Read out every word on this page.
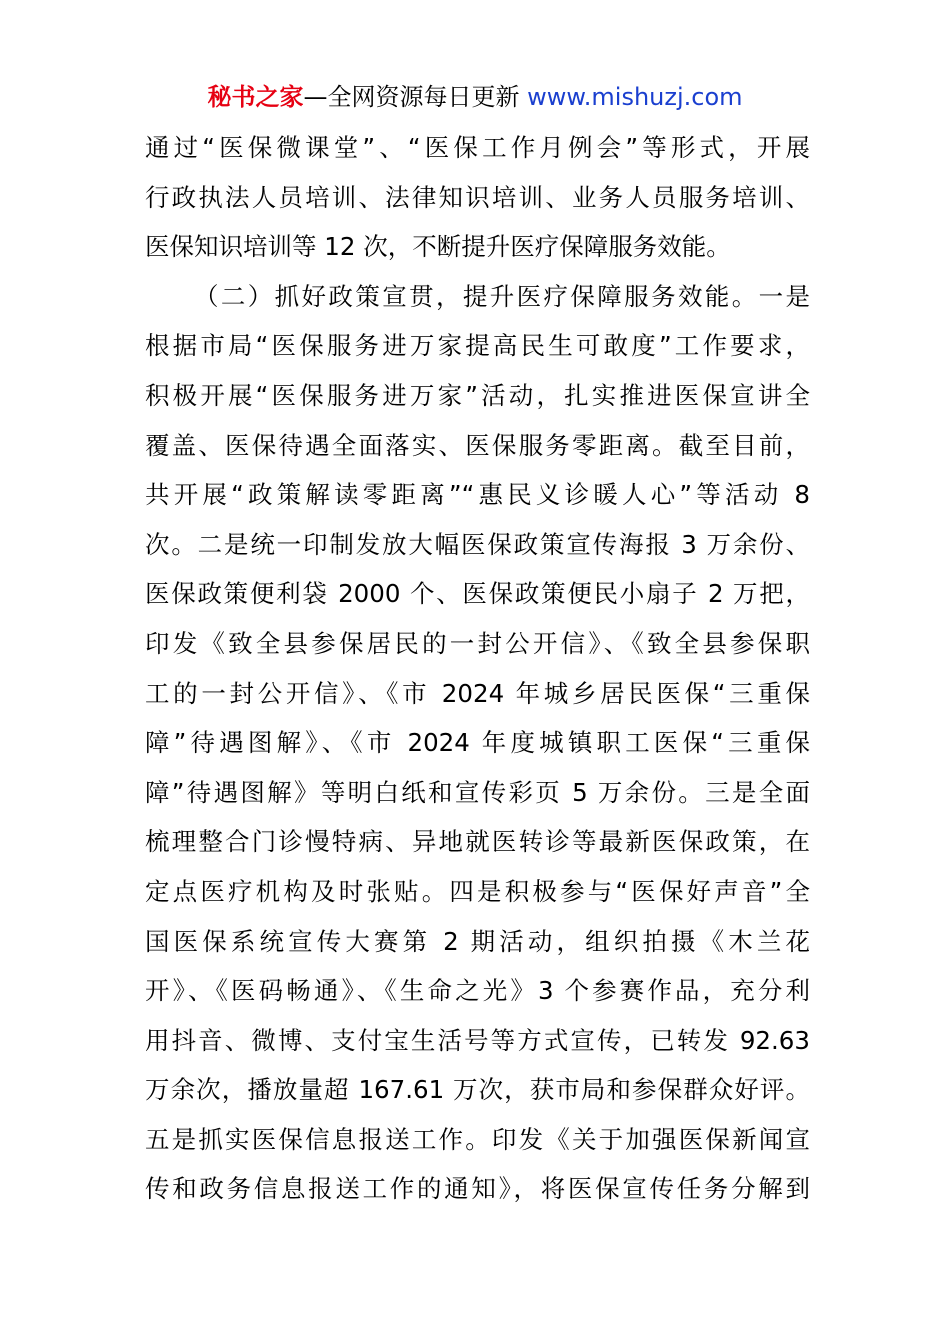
秘书之家—全网资源每日更新 www.mishuzj.com
通过“医保微课堂”、“医保工作月例会”等形式，开展
行政执法人员培训、法律知识培训、业务人员服务培训、
医保知识培训等 12 次，不断提升医疗保障服务效能。
（二）抓好政策宣贯，提升医疗保障服务效能。一是
根据市局“医保服务进万家提高民生可敢度”工作要求，
积极开展“医保服务进万家”活动，扎实推进医保宣讲全
覆盖、医保待遇全面落实、医保服务零距离。截至目前，
共开展“政策解读零距离”“惠民义诊暖人心”等活动 8
次。二是统一印制发放大幅医保政策宣传海报 3 万余份、
医保政策便利袋 2000 个、医保政策便民小扇子 2 万把，
印发《致全县参保居民的一封公开信》、《致全县参保职
工的一封公开信》、《市 2024 年城乡居民医保“三重保
障”待遇图解》、《市 2024 年度城镇职工医保“三重保
障”待遇图解》等明白纸和宣传彩页 5 万余份。三是全面
梳理整合门诊慢特病、异地就医转诊等最新医保政策，在
定点医疗机构及时张贴。四是积极参与“医保好声音”全
国医保系统宣传大赛第 2 期活动，组织拍摄《木兰花
开》、《医码畅通》、《生命之光》3 个参赛作品，充分利
用抖音、微博、支付宝生活号等方式宣传，已转发 92.63
万余次，播放量超 167.61 万次，获市局和参保群众好评。
五是抓实医保信息报送工作。印发《关于加强医保新闻宣
传和政务信息报送工作的通知》，将医保宣传任务分解到
